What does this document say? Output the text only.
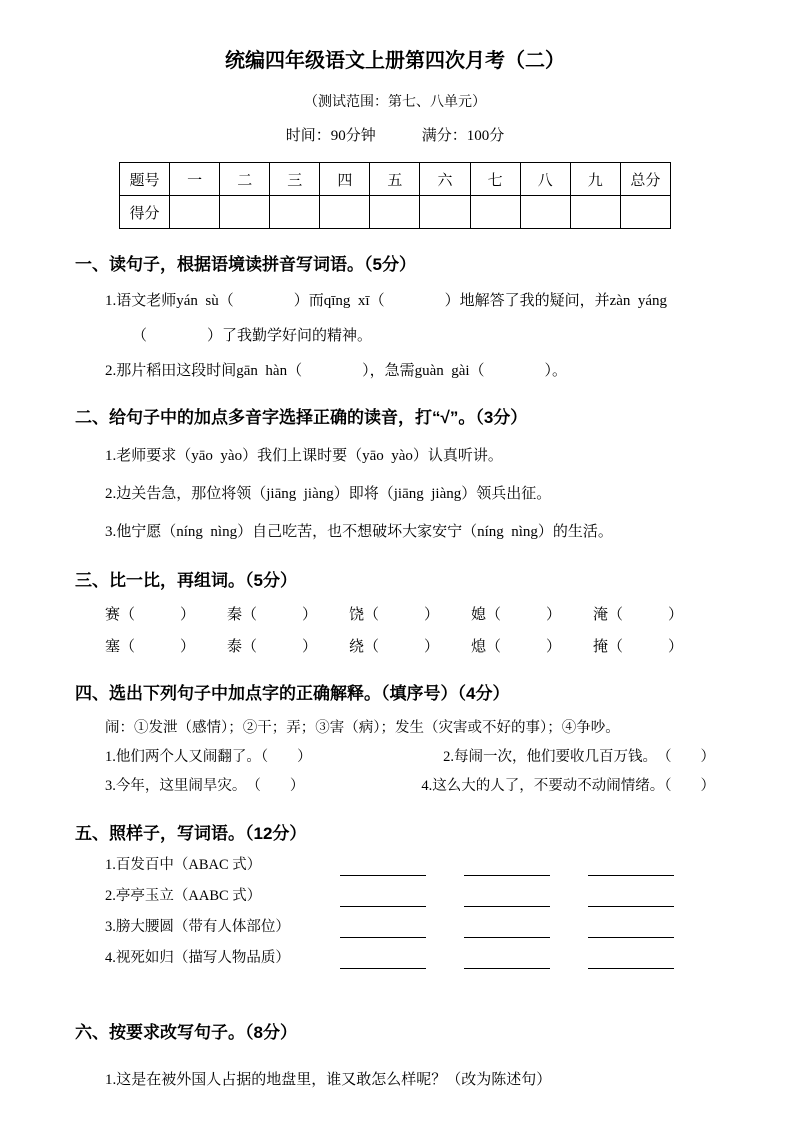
统编四年级语文上册第四次月考（二）
（测试范围：第七、八单元）
时间：90分钟	满分：100分
题号	一	二	三	四	五	六	七	八	九	总分
得分										
一、读句子，根据语境读拼音写词语。（5分）
1.语文老师yán  sù（　　　　）而qīng  xī（　　　　）地解答了我的疑问，并zàn  yáng
（　　　　）了我勤学好问的精神。
2.那片稻田这段时间gān  hàn（　　　　），急需guàn  gài（　　　　）。
二、给句子中的加点多音字选择正确的读音，打“√”。（3分）
1.老师要求（yāo  yào）我们上课时要（yāo  yào）认真听讲。
2.边关告急，那位将领（jiāng  jiàng）即将（jiāng  jiàng）领兵出征。
3.他宁愿（níng  nìng）自己吃苦，也不想破坏大家安宁（níng  nìng）的生活。
三、比一比，再组词。（5分）
赛（　　　）	秦（　　　）	饶（　　　）	媳（　　　）	淹（　　　）
塞（　　　）	泰（　　　）	绕（　　　）	熄（　　　）	掩（　　　）
四、选出下列句子中加点字的正确解释。（填序号）（4分）
闹：①发泄（感情）；②干；弄；③害（病）；发生（灾害或不好的事）；④争吵。
1.他们两个人又闹翻了。（　　）	2.每闹一次，他们要收几百万钱。　（　　）
3.今年，这里闹旱灾。　（　　）	4.这么大的人了，不要动不动闹情绪。（　　）
五、照样子，写词语。（12分）
1.百发百中（ABAC 式）
2.亭亭玉立（AABC 式）
3.膀大腰圆（带有人体部位）
4.视死如归（描写人物品质）
六、按要求改写句子。（8分）
1.这是在被外国人占据的地盘里，谁又敢怎么样呢？（改为陈述句）
